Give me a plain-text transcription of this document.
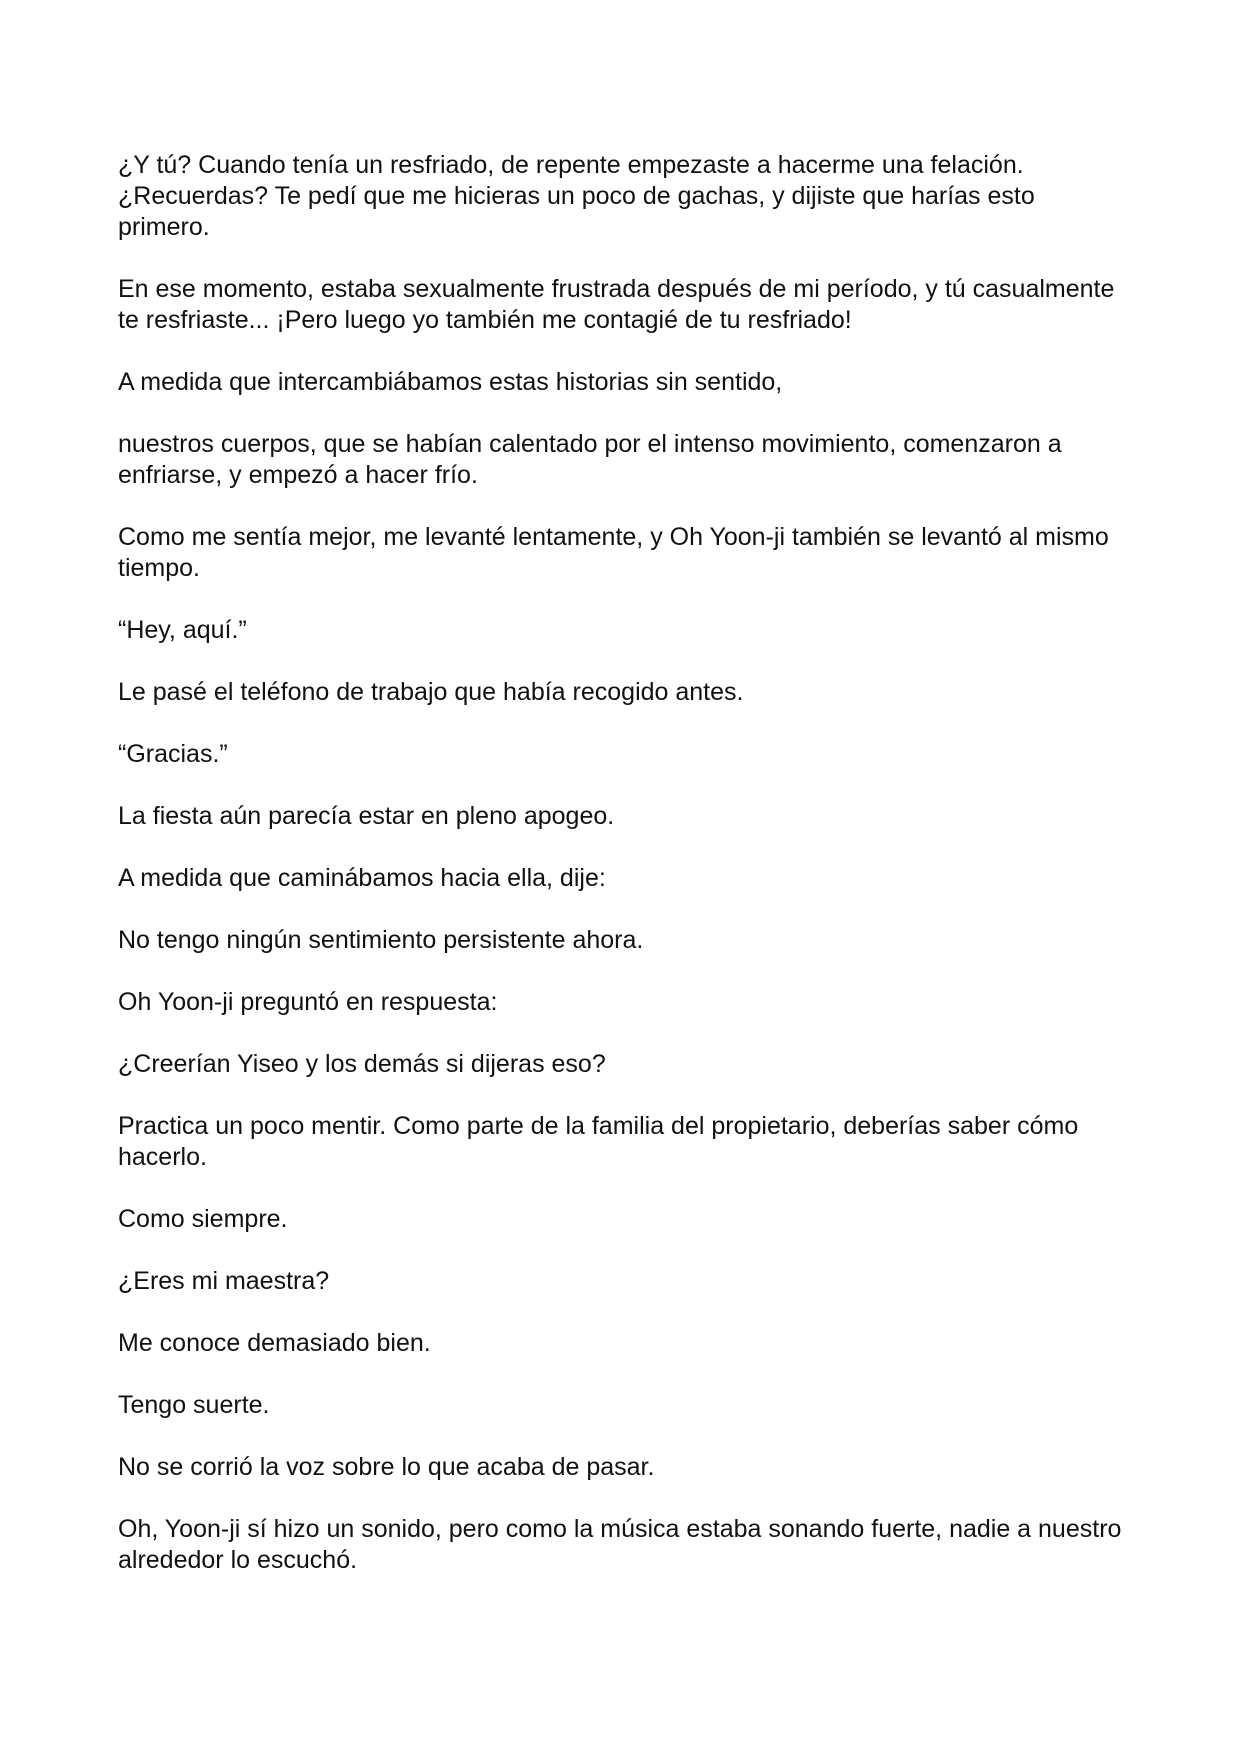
¿Y tú? Cuando tenía un resfriado, de repente empezaste a hacerme una felación. ¿Recuerdas? Te pedí que me hicieras un poco de gachas, y dijiste que harías esto primero.

En ese momento, estaba sexualmente frustrada después de mi período, y tú casualmente te resfriaste... ¡Pero luego yo también me contagié de tu resfriado!

A medida que intercambiábamos estas historias sin sentido,

nuestros cuerpos, que se habían calentado por el intenso movimiento, comenzaron a enfriarse, y empezó a hacer frío.

Como me sentía mejor, me levanté lentamente, y Oh Yoon-ji también se levantó al mismo tiempo.

“Hey, aquí.”

Le pasé el teléfono de trabajo que había recogido antes.

“Gracias.”

La fiesta aún parecía estar en pleno apogeo.

A medida que caminábamos hacia ella, dije:

No tengo ningún sentimiento persistente ahora.

Oh Yoon-ji preguntó en respuesta:

¿Creerían Yiseo y los demás si dijeras eso?

Practica un poco mentir. Como parte de la familia del propietario, deberías saber cómo hacerlo.

Como siempre.

¿Eres mi maestra?

Me conoce demasiado bien.

Tengo suerte.

No se corrió la voz sobre lo que acaba de pasar.

Oh, Yoon-ji sí hizo un sonido, pero como la música estaba sonando fuerte, nadie a nuestro alrededor lo escuchó.
